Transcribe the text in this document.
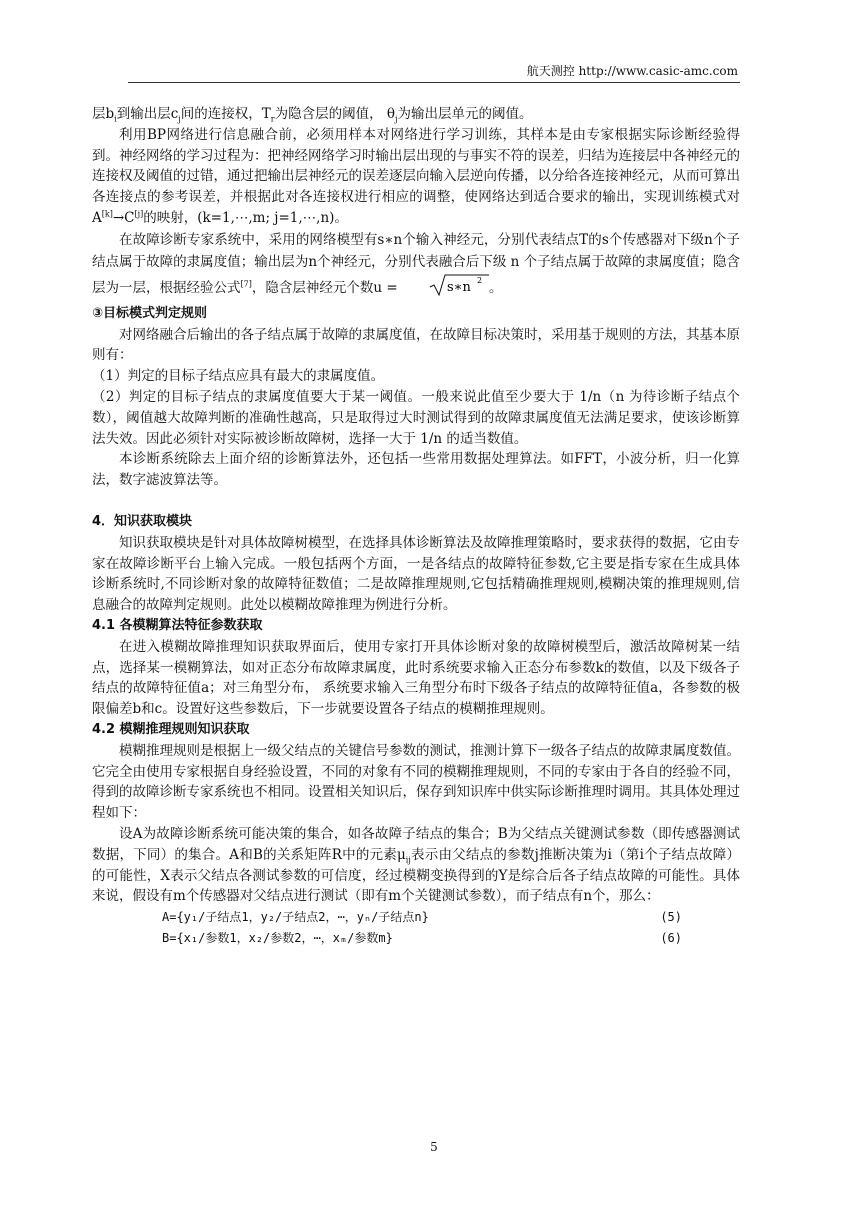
航天测控 http://www.casic-amc.com

层$b_i$到输出层$c_j$间的连接权，$T_r$为隐含层的阈值， $\theta_j$为输出层单元的阈值。

利用BP网络进行信息融合前，必须用样本对网络进行学习训练，其样本是由专家根据实际诊断经验得到。神经网络的学习过程为：把神经网络学习时输出层出现的与事实不符的误差，归结为连接层中各神经元的连接权及阈值的过错，通过把输出层神经元的误差逐层向输入层逆向传播，以分给各连接神经元，从而可算出各连接点的参考误差，并根据此对各连接权进行相应的调整，使网络达到适合要求的输出，实现训练模式对A[k]→C[j]的映射，(k=1,⋯,m; j=1,⋯,n)。

在故障诊断专家系统中，采用的网络模型有s∗n个输入神经元，分别代表结点T的s个传感器对下级n个子结点属于故障的隶属度值；输出层为n个神经元，分别代表融合后下级 n 个子结点属于故障的隶属度值；隐含层为一层，根据经验公式[7]，隐含层神经元个数u =	s∗n 2 。

③目标模式判定规则

对网络融合后输出的各子结点属于故障的隶属度值，在故障目标决策时，采用基于规则的方法，其基本原则有：

（1）判定的目标子结点应具有最大的隶属度值。

（2）判定的目标子结点的隶属度值要大于某一阈值。一般来说此值至少要大于 1/n（n 为待诊断子结点个数），阈值越大故障判断的准确性越高，只是取得过大时测试得到的故障隶属度值无法满足要求，使该诊断算法失效。因此必须针对实际被诊断故障树，选择一大于 1/n 的适当数值。

本诊断系统除去上面介绍的诊断算法外，还包括一些常用数据处理算法。如FFT，小波分析，归一化算法，数字滤波算法等。

4．知识获取模块

知识获取模块是针对具体故障树模型，在选择具体诊断算法及故障推理策略时，要求获得的数据，它由专家在故障诊断平台上输入完成。一般包括两个方面，一是各结点的故障特征参数,它主要是指专家在生成具体诊断系统时,不同诊断对象的故障特征数值；二是故障推理规则,它包括精确推理规则,模糊决策的推理规则,信息融合的故障判定规则。此处以模糊故障推理为例进行分析。

4.1 各模糊算法特征参数获取

在进入模糊故障推理知识获取界面后，使用专家打开具体诊断对象的故障树模型后，激活故障树某一结点，选择某一模糊算法，如对正态分布故障隶属度，此时系统要求输入正态分布参数k的数值，以及下级各子结点的故障特征值a；对三角型分布， 系统要求输入三角型分布时下级各子结点的故障特征值a，各参数的极限偏差b和c。设置好这些参数后，下一步就要设置各子结点的模糊推理规则。

4.2 模糊推理规则知识获取

模糊推理规则是根据上一级父结点的关键信号参数的测试，推测计算下一级各子结点的故障隶属度数值。它完全由使用专家根据自身经验设置，不同的对象有不同的模糊推理规则，不同的专家由于各自的经验不同，得到的故障诊断专家系统也不相同。设置相关知识后，保存到知识库中供实际诊断推理时调用。其具体处理过程如下：

设A为故障诊断系统可能决策的集合，如各故障子结点的集合；B为父结点关键测试参数（即传感器测试数据，下同）的集合。A和B的关系矩阵R中的元素$\mu_{ij}$表示由父结点的参数j推断决策为i（第i个子结点故障）的可能性，X表示父结点各测试参数的可信度，经过模糊变换得到的Y是综合后各子结点故障的可能性。具体来说，假设有m个传感器对父结点进行测试（即有m个关键测试参数），而子结点有n个，那么：

A={y₁/子结点1，y₂/子结点2，⋯，yₙ/子结点n}	(5)
B={x₁/参数1，x₂/参数2，⋯，xₘ/参数m}	(6)
5
